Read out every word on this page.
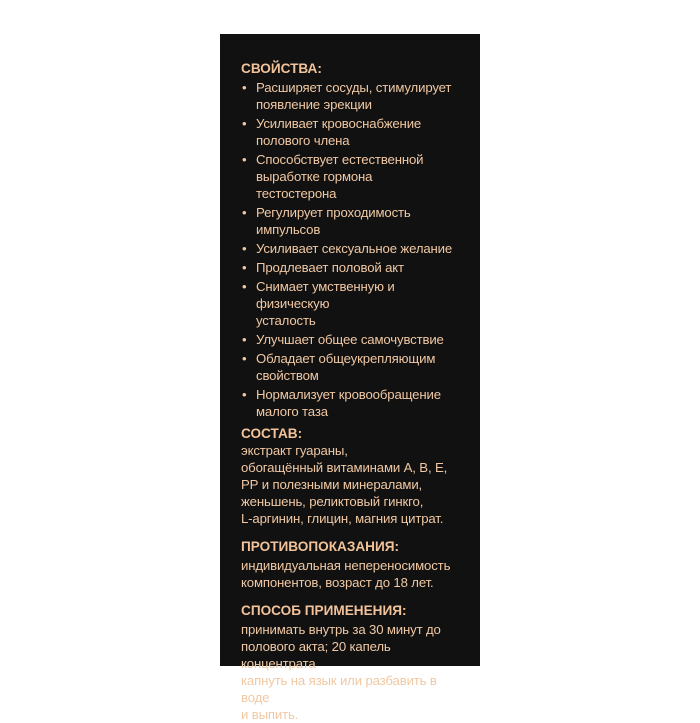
СВОЙСТВА:
• Расширяет сосуды, стимулирует
появление эрекции
• Усиливает кровоснабжение
полового члена
• Способствует естественной
выработке гормона тестостерона
• Регулирует проходимость
импульсов
• Усиливает сексуальное желание
• Продлевает половой акт
• Снимает умственную и физическую
усталость
• Улучшает общее самочувствие
• Обладает общеукрепляющим
свойством
• Нормализует кровообращение
малого таза
СОСТАВ:

экстракт гуараны,
обогащённый витаминами А, В, Е,
РР и полезными минералами,
женьшень, реликтовый гинкго,
L-аргинин, глицин, магния цитрат.

ПРОТИВОПОКАЗАНИЯ:

индивидуальная непереносимость
компонентов, возраст до 18 лет.

СПОСОБ ПРИМЕНЕНИЯ:

принимать внутрь за 30 минут до
полового акта; 20 капель концентрата
капнуть на язык или разбавить в воде
и выпить.
